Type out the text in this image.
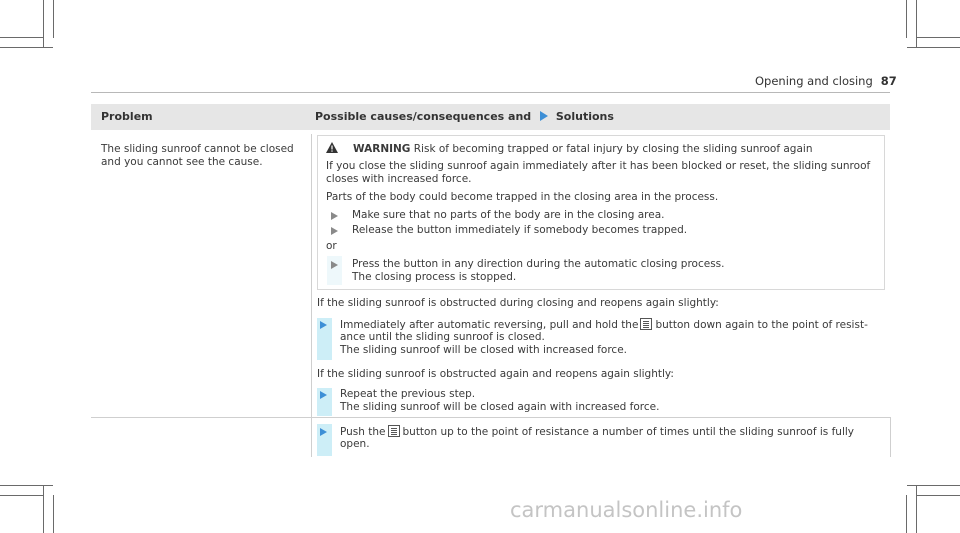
Opening and closing 87
Problem	Possible causes/consequences and Solutions
The sliding sunroof cannot be closed
and you cannot see the cause.
WARNING Risk of becoming trapped or fatal injury by closing the sliding sunroof again
If you close the sliding sunroof again immediately after it has been blocked or reset, the sliding sunroof
closes with increased force.
Parts of the body could become trapped in the closing area in the process.
Make sure that no parts of the body are in the closing area.
Release the button immediately if somebody becomes trapped.
or
Press the button in any direction during the automatic closing process.
The closing process is stopped.
If the sliding sunroof is obstructed during closing and reopens again slightly:
Immediately after automatic reversing, pull and hold the button down again to the point of resist-
ance until the sliding sunroof is closed.
The sliding sunroof will be closed with increased force.
If the sliding sunroof is obstructed again and reopens again slightly:
Repeat the previous step.
The sliding sunroof will be closed again with increased force.
Push the button up to the point of resistance a number of times until the sliding sunroof is fully
open.
carmanualsonline.info
